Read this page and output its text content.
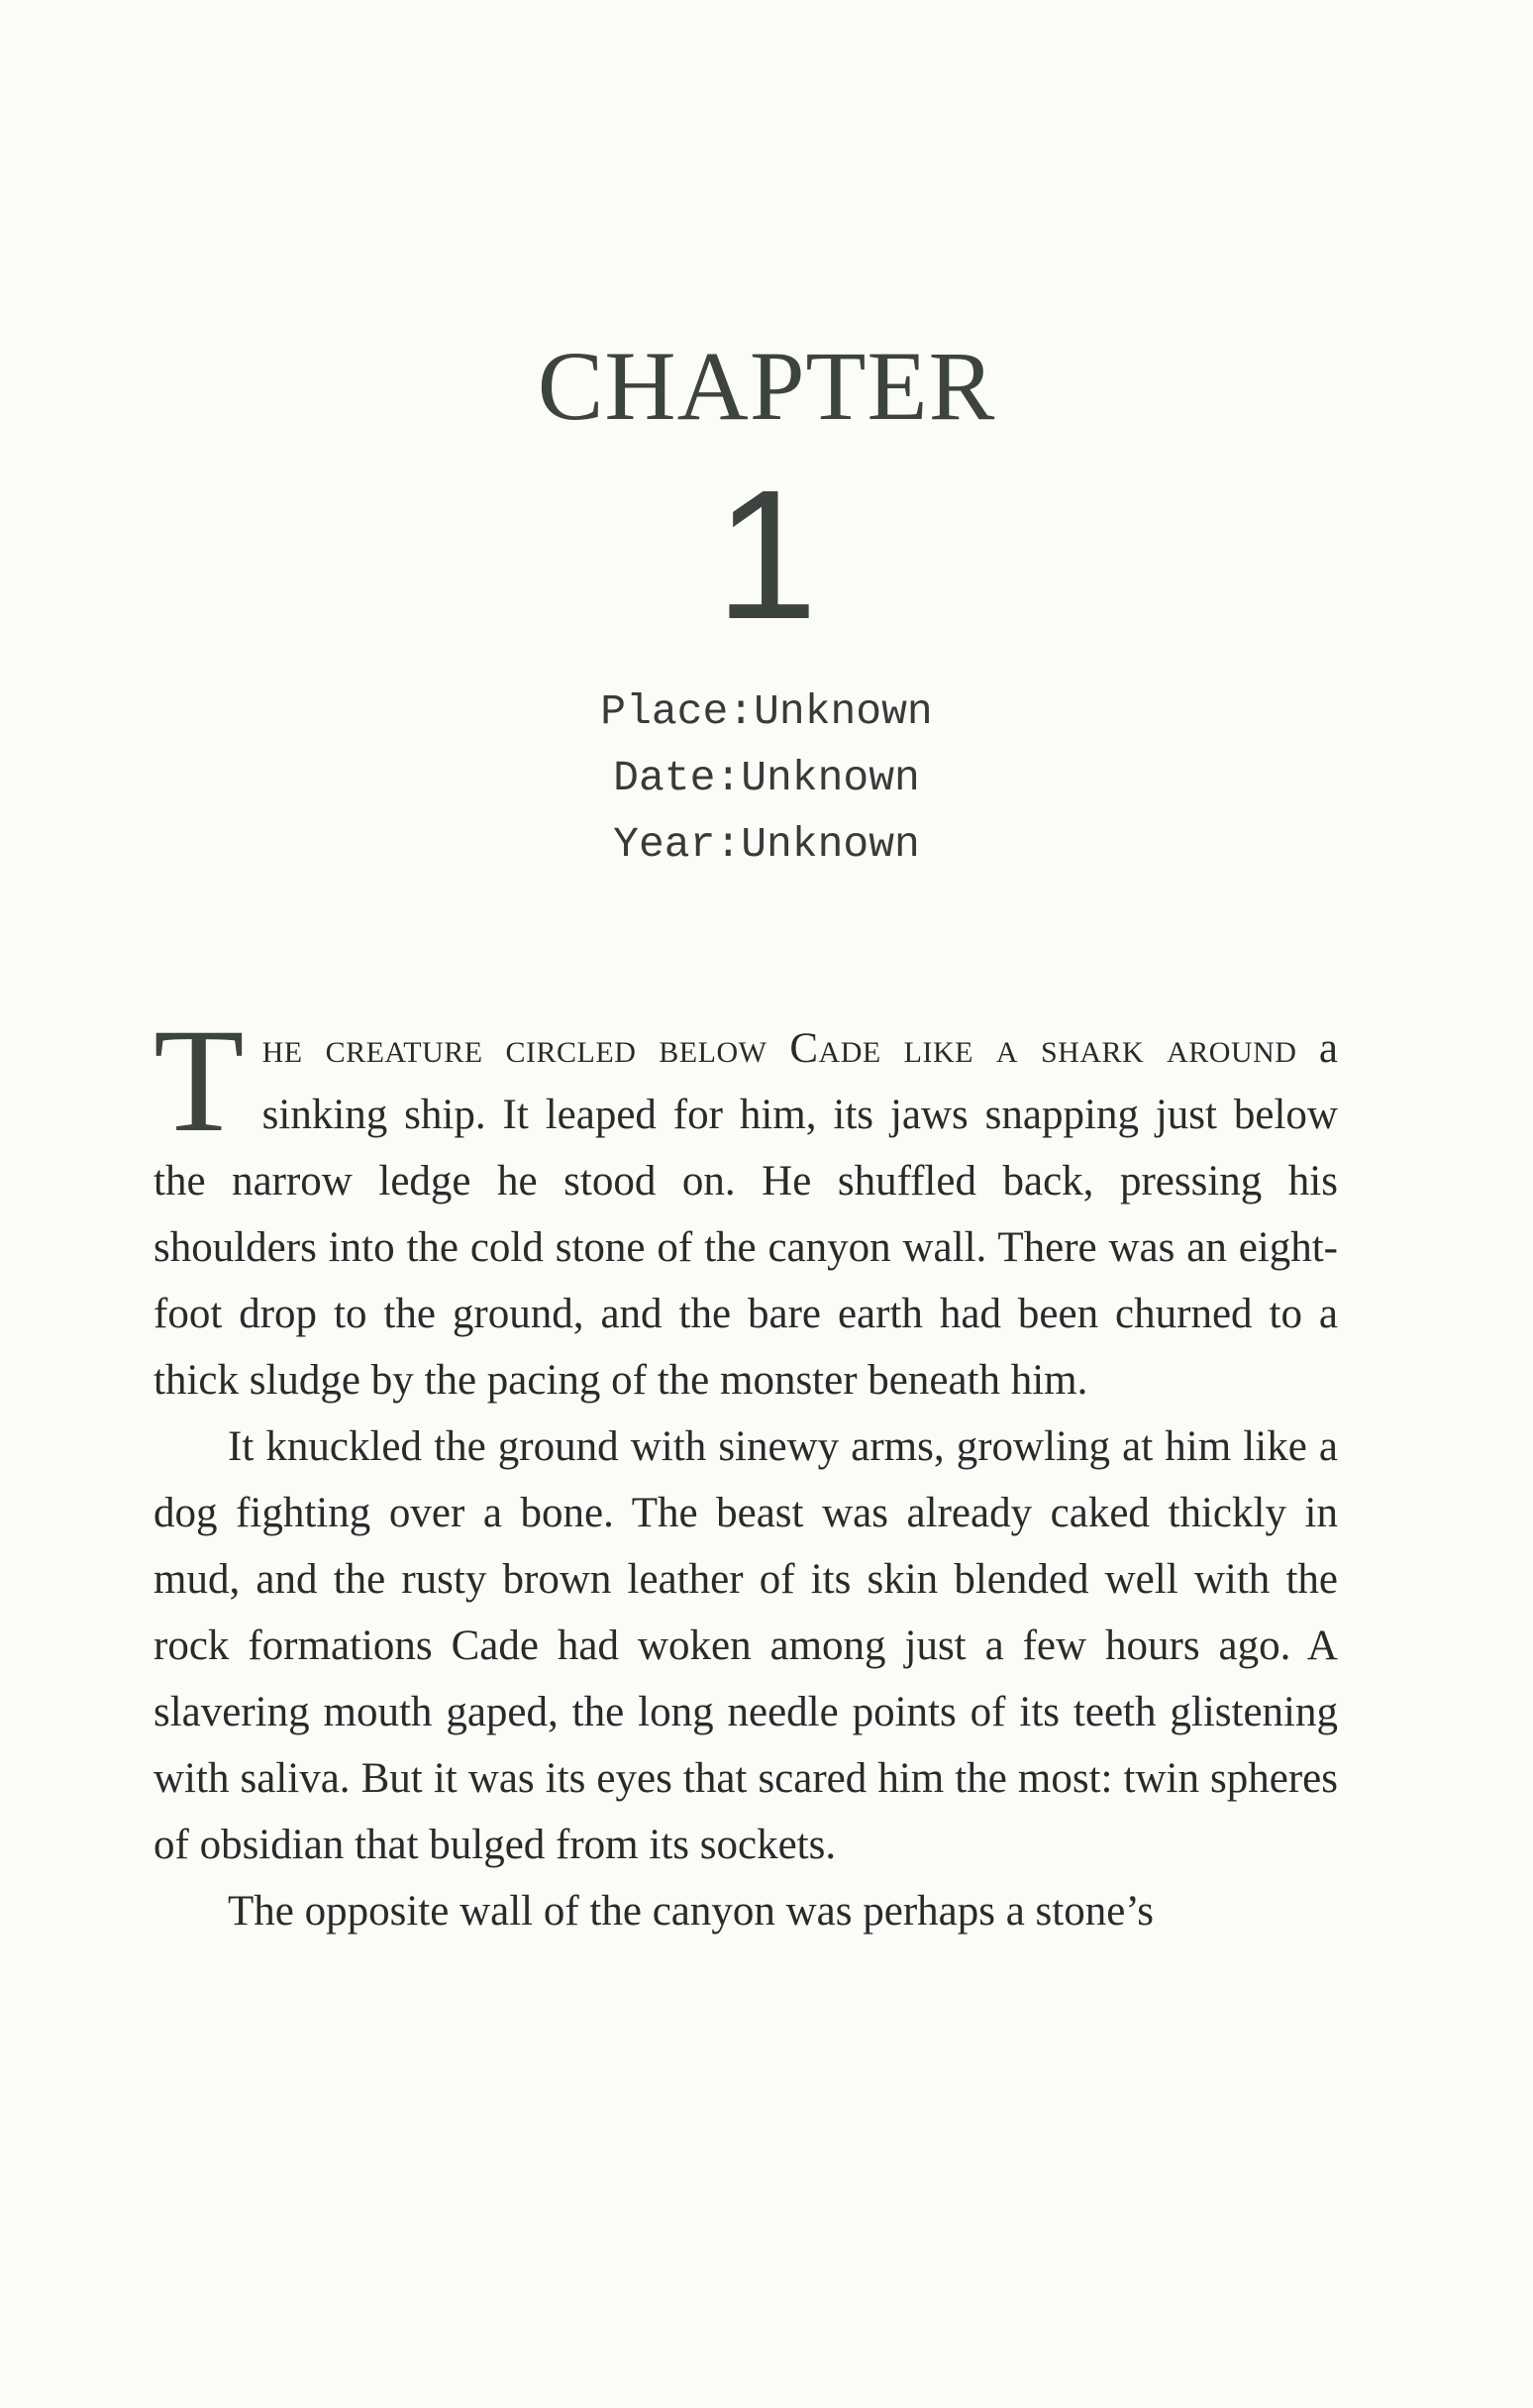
CHAPTER
1
Place:Unknown
Date:Unknown
Year:Unknown

The creature circled below Cade like a shark around a sinking ship. It leaped for him, its jaws snapping just below the narrow ledge he stood on. He shuffled back, pressing his shoulders into the cold stone of the canyon wall. There was an eight-foot drop to the ground, and the bare earth had been churned to a thick sludge by the pacing of the monster beneath him.

It knuckled the ground with sinewy arms, growling at him like a dog fighting over a bone. The beast was already caked thickly in mud, and the rusty brown leather of its skin blended well with the rock formations Cade had woken among just a few hours ago. A slavering mouth gaped, the long needle points of its teeth glistening with saliva. But it was its eyes that scared him the most: twin spheres of obsidian that bulged from its sockets.

The opposite wall of the canyon was perhaps a stone’s
